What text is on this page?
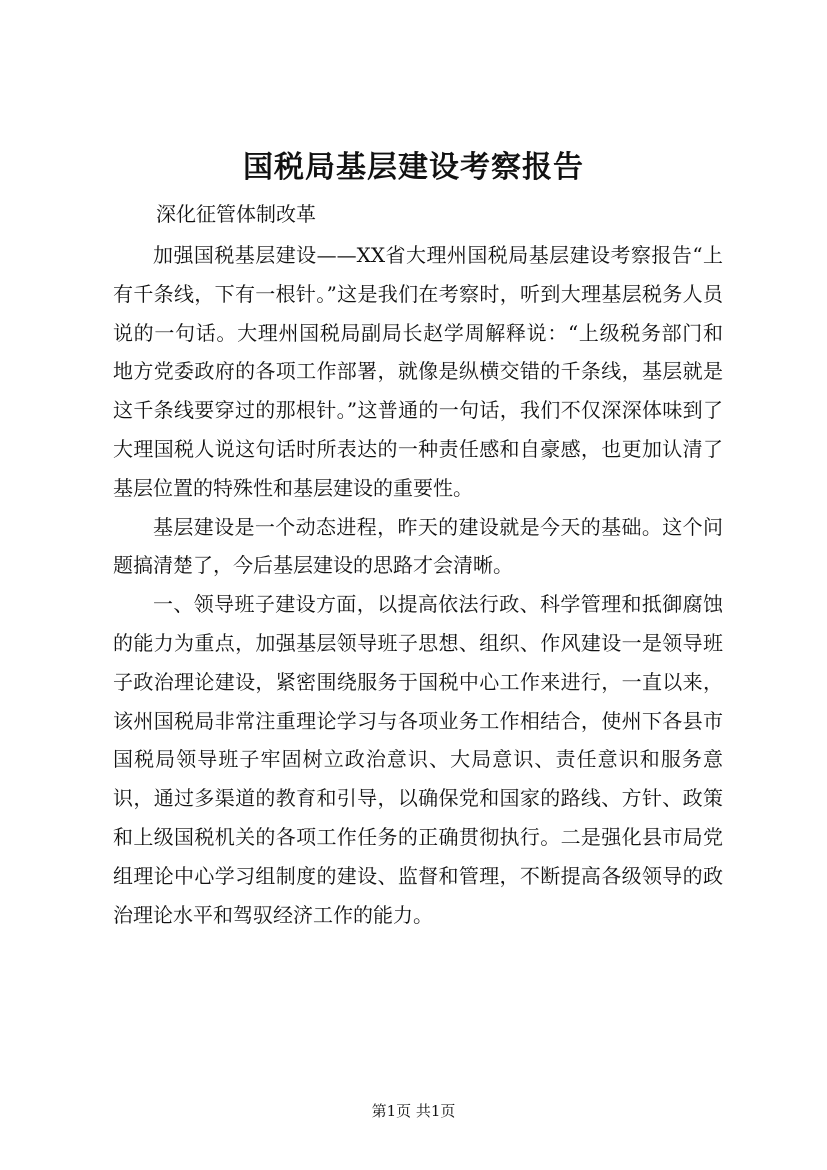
国税局基层建设考察报告
深化征管体制改革

加强国税基层建设——XX省大理州国税局基层建设考察报告“上有千条线，下有一根针。”这是我们在考察时，听到大理基层税务人员说的一句话。大理州国税局副局长赵学周解释说：“上级税务部门和地方党委政府的各项工作部署，就像是纵横交错的千条线，基层就是这千条线要穿过的那根针。”这普通的一句话，我们不仅深深体味到了大理国税人说这句话时所表达的一种责任感和自豪感，也更加认清了基层位置的特殊性和基层建设的重要性。

基层建设是一个动态进程，昨天的建设就是今天的基础。这个问题搞清楚了，今后基层建设的思路才会清晰。

一、领导班子建设方面，以提高依法行政、科学管理和抵御腐蚀的能力为重点，加强基层领导班子思想、组织、作风建设一是领导班子政治理论建设，紧密围绕服务于国税中心工作来进行，一直以来，该州国税局非常注重理论学习与各项业务工作相结合，使州下各县市国税局领导班子牢固树立政治意识、大局意识、责任意识和服务意识，通过多渠道的教育和引导，以确保党和国家的路线、方针、政策和上级国税机关的各项工作任务的正确贯彻执行。二是强化县市局党组理论中心学习组制度的建设、监督和管理，不断提高各级领导的政治理论水平和驾驭经济工作的能力。

第1页 共1页
